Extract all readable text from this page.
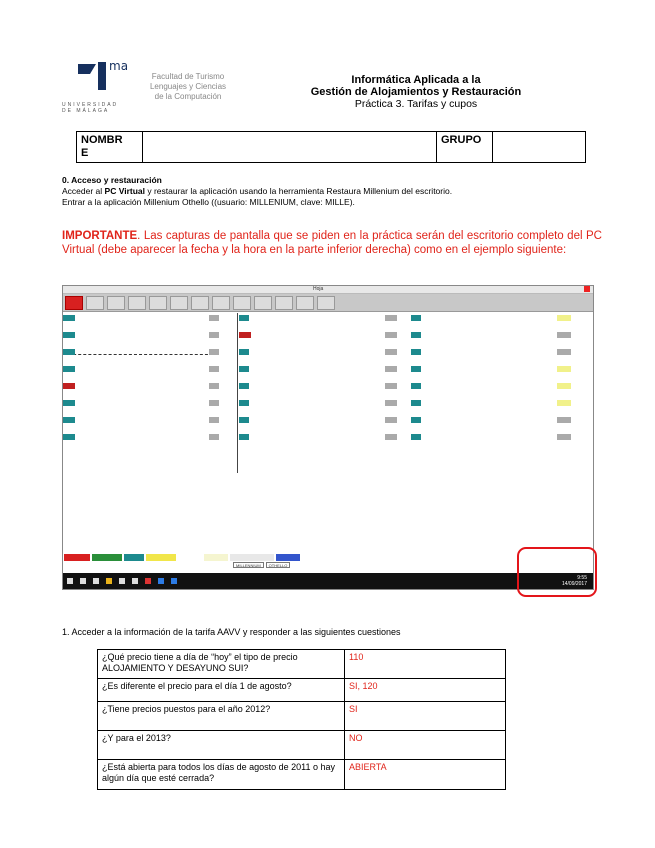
ma
UNIVERSIDAD DE MÁLAGA
Facultad de Turismo
Lenguajes y Ciencias
de la Computación
Informática Aplicada a la
Gestión de Alojamientos y Restauración
Práctica 3. Tarifas y cupos
NOMBR
E
		GRUPO	
0. Acceso y restauración
Acceder al PC Virtual y restaurar la aplicación usando la herramienta Restaura Millenium del escritorio.
Entrar a la aplicación Millenium Othello ((usuario: MILLENIUM, clave: MILLE).
IMPORTANTE. Las capturas de pantalla que se piden en la práctica serán del escritorio completo del PC Virtual (debe aparecer la fecha y la hora en la parte inferior derecha) como en el ejemplo siguiente:
Hoja
MILLENNIUM	OTHELLO
9:55
14/09/2017
1. Acceder a la información de la tarifa AAVV y responder a las siguientes cuestiones
¿Qué precio tiene a día de “hoy” el tipo de precio ALOJAMIENTO Y DESAYUNO SUI?	110
¿Es diferente el precio para el día 1 de agosto?	SI, 120
¿Tiene precios puestos para el año 2012?	SI
¿Y para el 2013?	NO
¿Está abierta para todos los días de agosto de 2011 o hay algún día que esté cerrada?	ABIERTA
